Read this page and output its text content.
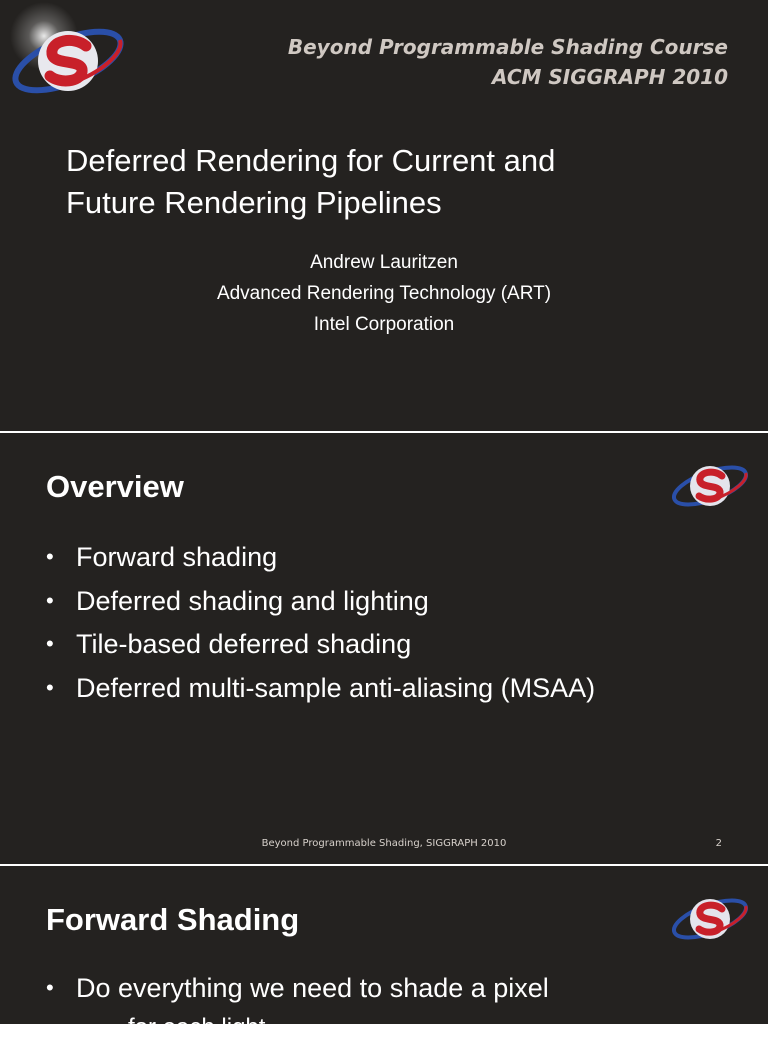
Beyond Programmable Shading Course
ACM SIGGRAPH 2010
Deferred Rendering for Current and
Future Rendering Pipelines
Andrew Lauritzen
Advanced Rendering Technology (ART)
Intel Corporation
Overview
• Forward shading
• Deferred shading and lighting
• Tile-based deferred shading
• Deferred multi-sample anti-aliasing (MSAA)
Beyond Programmable Shading, SIGGRAPH 2010	2
Forward Shading
• Do everything we need to shade a pixel
– for each light
